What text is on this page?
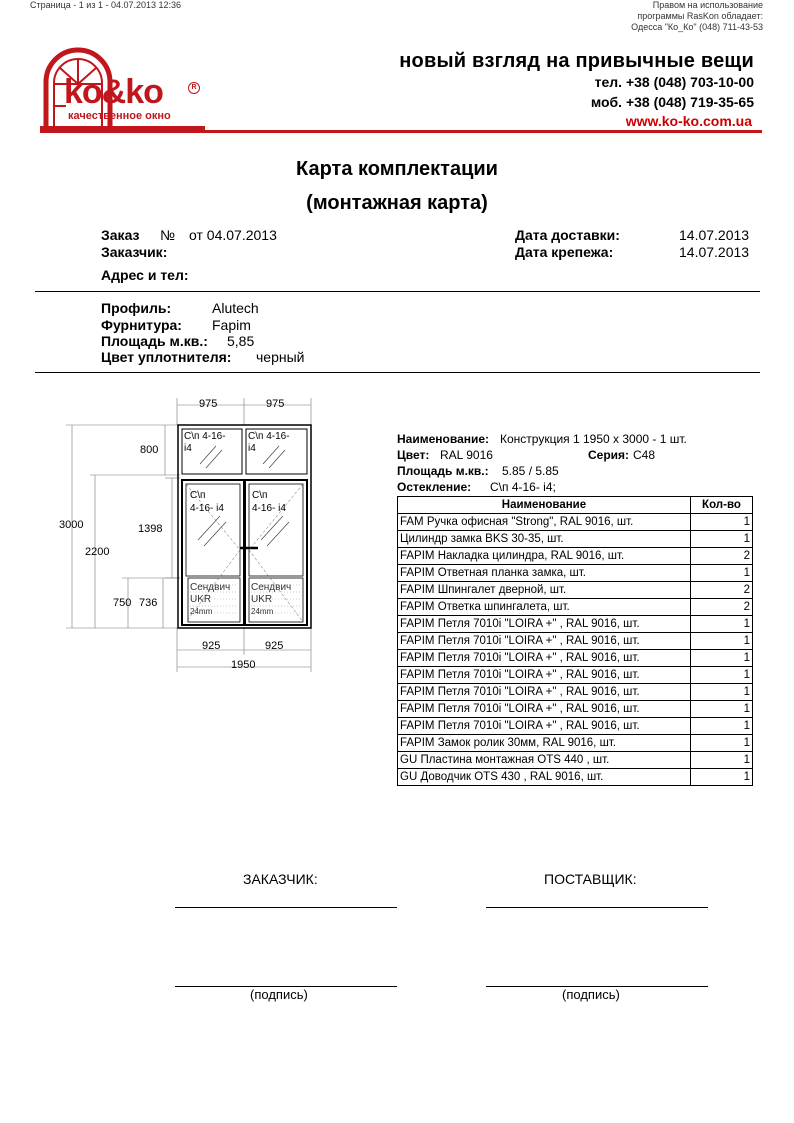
Страница - 1 из 1 - 04.07.2013 12:36	Правом на использование
программы RasKon обладает:
Одесса "Ко_Ко" (048) 711-43-53
ko&ko	R
качественное окно
новый взгляд на привычные вещи
тел. +38 (048) 703-10-00
моб. +38 (048) 719-35-65
www.ko-ko.com.ua
Карта комплектации
(монтажная карта)
Заказ № от 04.07.2013
Заказчик:
Адрес и тел:
Дата доставки:	14.07.2013
Дата крепежа:	14.07.2013
Профиль:	Alutech
Фурнитура: Fapim
Площадь м.кв.: 5,85
Цвет уплотнителя: черный
975	975
800
3000	1398
2200
750 736
925	925
1950
С\п 4-16-
i4
С\п 4-16-
i4
С\п
4-16- i4
С\п
4-16- i4
Сендвич
UKR
24mm
Сендвич
UKR
24mm
Наименование: Конструкция 1 1950 х 3000 - 1 шт.
Цвет: RAL 9016	Серия: C48
Площадь м.кв.: 5.85 / 5.85
Остекление: С\п 4-16- i4;
Наименование	Кол-во
FAM Ручка офисная "Strong", RAL 9016, шт.	1
Цилиндр замка BKS 30-35, шт.	1
FAPIM Накладка цилиндра, RAL 9016, шт.	2
FAPIM Ответная планка замка, шт.	1
FAPIM Шпингалет дверной, шт.	2
FAPIM Ответка шпингалета, шт.	2
FAPIM Петля 7010i "LOIRA +" , RAL 9016, шт.	1
FAPIM Петля 7010i "LOIRA +" , RAL 9016, шт.	1
FAPIM Петля 7010i "LOIRA +" , RAL 9016, шт.	1
FAPIM Петля 7010i "LOIRA +" , RAL 9016, шт.	1
FAPIM Петля 7010i "LOIRA +" , RAL 9016, шт.	1
FAPIM Петля 7010i "LOIRA +" , RAL 9016, шт.	1
FAPIM Петля 7010i "LOIRA +" , RAL 9016, шт.	1
FAPIM Замок ролик 30мм, RAL 9016, шт.	1
GU Пластина монтажная OTS 440 , шт.	1
GU Доводчик OTS 430 , RAL 9016, шт.	1
ЗАКАЗЧИК:	ПОСТАВЩИК:
(подпись)	(подпись)
